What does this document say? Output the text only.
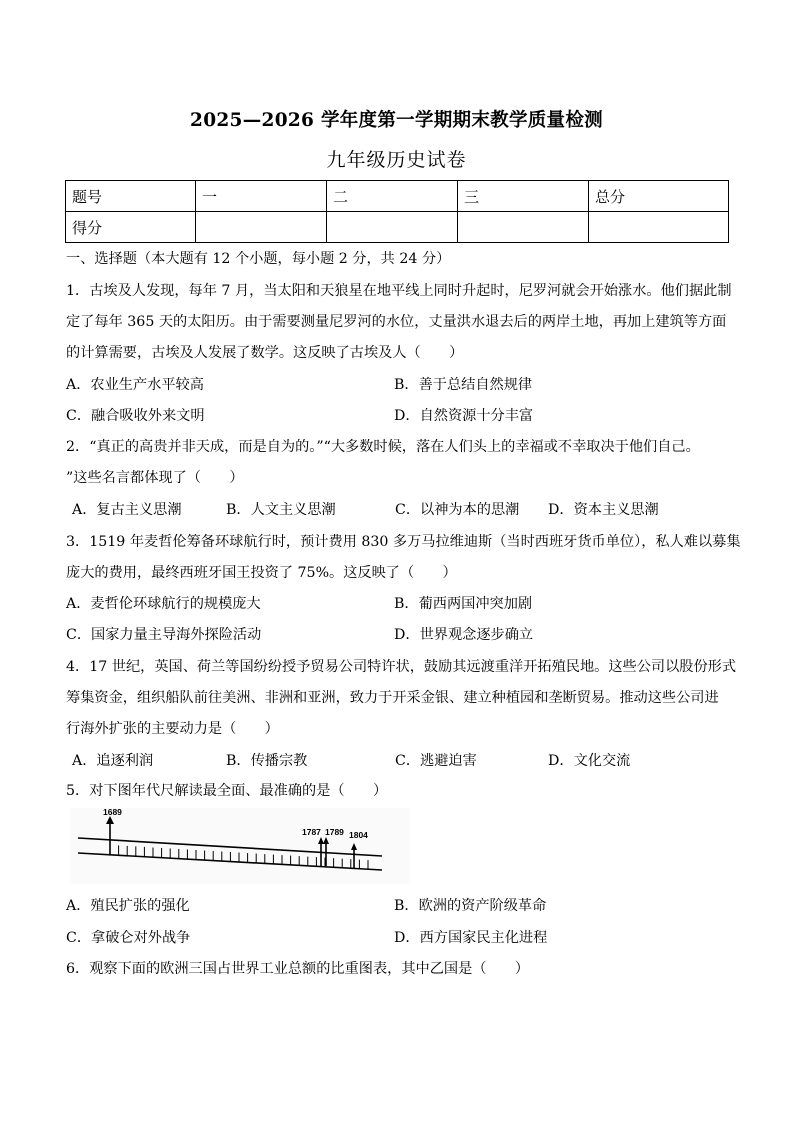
2025—2026 学年度第一学期期末教学质量检测
九年级历史试卷
题号	一	二	三	总分
得分				
一、选择题（本大题有 12 个小题，每小题 2 分，共 24 分）
1．古埃及人发现，每年 7 月，当太阳和天狼星在地平线上同时升起时，尼罗河就会开始涨水。他们据此制
定了每年 365 天的太阳历。由于需要测量尼罗河的水位，丈量洪水退去后的两岸土地，再加上建筑等方面
的计算需要，古埃及人发展了数学。这反映了古埃及人（　　）
A．农业生产水平较高	B．善于总结自然规律
C．融合吸收外来文明	D．自然资源十分丰富
2．“真正的高贵并非天成，而是自为的。”“大多数时候，落在人们头上的幸福或不幸取决于他们自己。
”这些名言都体现了（　　）
A．复古主义思潮	B．人文主义思潮	C．以神为本的思潮 D．资本主义思潮
3．1519 年麦哲伦筹备环球航行时，预计费用 830 多万马拉维迪斯（当时西班牙货币单位），私人难以募集
庞大的费用，最终西班牙国王投资了 75%。这反映了（　　）
A．麦哲伦环球航行的规模庞大	B．葡西两国冲突加剧
C．国家力量主导海外探险活动	D．世界观念逐步确立
4．17 世纪，英国、荷兰等国纷纷授予贸易公司特许状，鼓励其远渡重洋开拓殖民地。这些公司以股份形式
筹集资金，组织船队前往美洲、非洲和亚洲，致力于开采金银、建立种植园和垄断贸易。推动这些公司进
行海外扩张的主要动力是（　　）
A．追逐利润	B．传播宗教	C．逃避迫害	D．文化交流
5．对下图年代尺解读最全面、最准确的是（　　）
1689
1787 1789 1804
A．殖民扩张的强化	B．欧洲的资产阶级革命
C．拿破仑对外战争	D．西方国家民主化进程
6．观察下面的欧洲三国占世界工业总额的比重图表，其中乙国是（　　）
